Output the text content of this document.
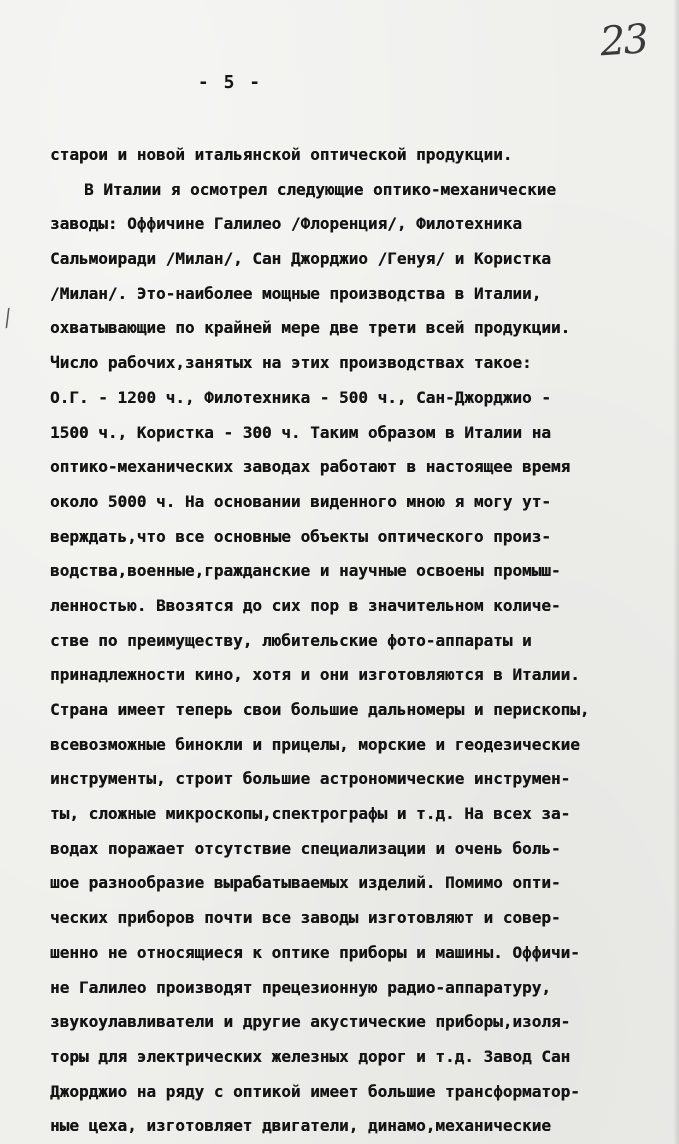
23
- 5 -
/
старои и новой итальянской оптической продукции.
В Италии я осмотрел следующие оптико-механические
заводы: Оффичине Галилео /Флоренция/, Филотехника
Сальмоиради /Милан/, Сан Джорджио /Генуя/ и Користка
/Милан/. Это-наиболее мощные производства в Италии,
охватывающие по крайней мере две трети всей продукции.
Число рабочих,занятых на этих производствах такое:
О.Г. - 1200 ч., Филотехника - 500 ч., Сан-Джорджио -
1500 ч., Користка - 300 ч. Таким образом в Италии на
оптико-механических заводах работают в настоящее время
около 5000 ч. На основании виденного мною я могу ут-
верждать,что все основные объекты оптического произ-
водства,военные,гражданские и научные освоены промыш-
ленностью. Ввозятся до сих пор в значительном количе-
стве по преимуществу, любительские фото-аппараты и
принадлежности кино, хотя и они изготовляются в Италии.
Страна имеет теперь свои большие дальномеры и перископы,
всевозможные бинокли и прицелы, морские и геодезические
инструменты, строит большие астрономические инструмен-
ты, сложные микроскопы,спектрографы и т.д. На всех за-
водах поражает отсутствие специализации и очень боль-
шое разнообразие вырабатываемых изделий. Помимо опти-
ческих приборов почти все заводы изготовляют и совер-
шенно не относящиеся к оптике приборы и машины. Оффичи-
не Галилео производят прецезионную радио-аппаратуру,
звукоулавливатели и другие акустические приборы,изоля-
торы для электрических железных дорог и т.д. Завод Сан
Джорджио на ряду с оптикой имеет большие трансформатор-
ные цеха, изготовляет двигатели, динамо,механические
